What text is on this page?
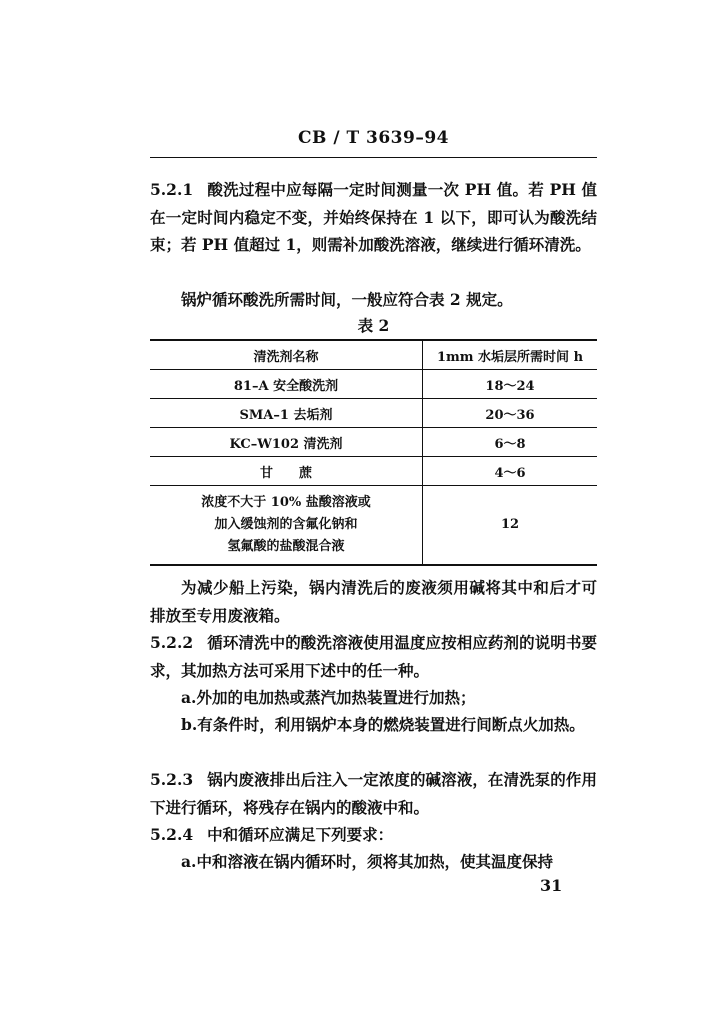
CB / T 3639–94

5.2.1 酸洗过程中应每隔一定时间测量一次 PH 值。若 PH 值在一定时间内稳定不变，并始终保持在 1 以下，即可认为酸洗结束；若 PH 值超过 1，则需补加酸洗溶液，继续进行循环清洗。

锅炉循环酸洗所需时间，一般应符合表 2 规定。

表 2
清洗剂名称	1mm 水垢层所需时间 h
81–A 安全酸洗剂	18～24
SMA–1 去垢剂	20～36
KC–W102 清洗剂	6～8
甘　　蔗	4～6

浓度不大于 10% 盐酸溶液或
加入缓蚀剂的含氟化钠和
氢氟酸的盐酸混合液	12

为减少船上污染，锅内清洗后的废液须用碱将其中和后才可排放至专用废液箱。

5.2.2 循环清洗中的酸洗溶液使用温度应按相应药剂的说明书要求，其加热方法可采用下述中的任一种。

a.外加的电加热或蒸汽加热装置进行加热；

b.有条件时，利用锅炉本身的燃烧装置进行间断点火加热。

5.2.3 锅内废液排出后注入一定浓度的碱溶液，在清洗泵的作用下进行循环，将残存在锅内的酸液中和。

5.2.4 中和循环应满足下列要求：

a.中和溶液在锅内循环时，须将其加热，使其温度保持

31
